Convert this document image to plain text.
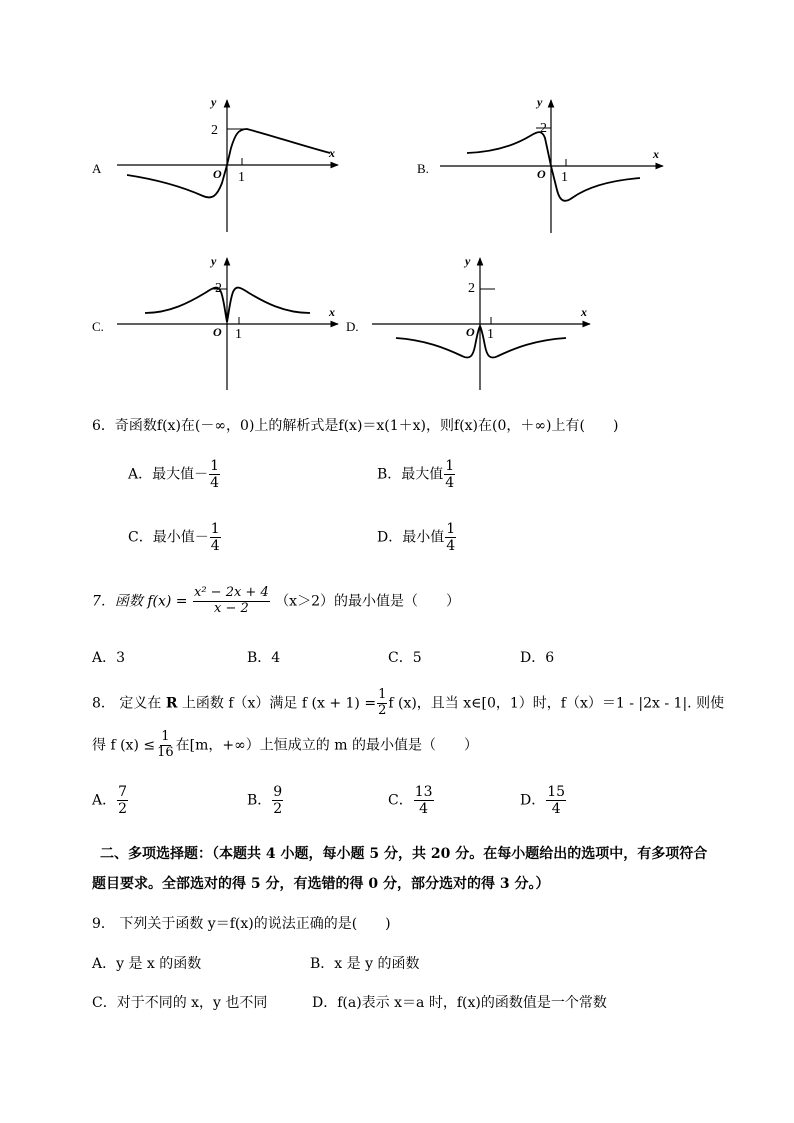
A
y
x
2
O 1
B.
y
x
2
O 1
C.
y
x
2
O 1
D.
y
x
2
O 1
6．奇函数f(x)在(－∞，0)上的解析式是f(x)＝x(1＋x)，则f(x)在(0，＋∞)上有(　　)
A．最大值－ $\frac{1}{4}$	B．最大值 $\frac{1}{4}$
C．最小值－ $\frac{1}{4}$	D．最小值 $\frac{1}{4}$
7．函数 $f(x) = \frac{\text{x² − 2x + 4}}{x - 2} (x>2)$的最小值是（　　）
A．3	B．4	C．5	D．6
8． 定义在 R 上函数 f（x）满足 f $(x + 1) = \frac{1}{2}$ f (x)，且当 x∈[0，1）时，f（x）＝1 - |2x - 1|. 则使
得 f $(x) \le \frac{1}{16}$ 在[m，+∞）上恒成立的 m 的最小值是（　　）
A． $\frac{7}{2}$	B． $\frac{9}{2}$	C． $\frac{13}{4}$	D． $\frac{15}{4}$
二、多项选择题：（本题共 4 小题，每小题 5 分，共 20 分。在每小题给出的选项中，有多项符合
题目要求。全部选对的得 5 分，有选错的得 0 分，部分选对的得 3 分。）
9． 下列关于函数 y＝f(x)的说法正确的是(　　)
A．y 是 x 的函数	B．x 是 y 的函数
C．对于不同的 x，y 也不同	D．f(a)表示 x＝a 时，f(x)的函数值是一个常数
